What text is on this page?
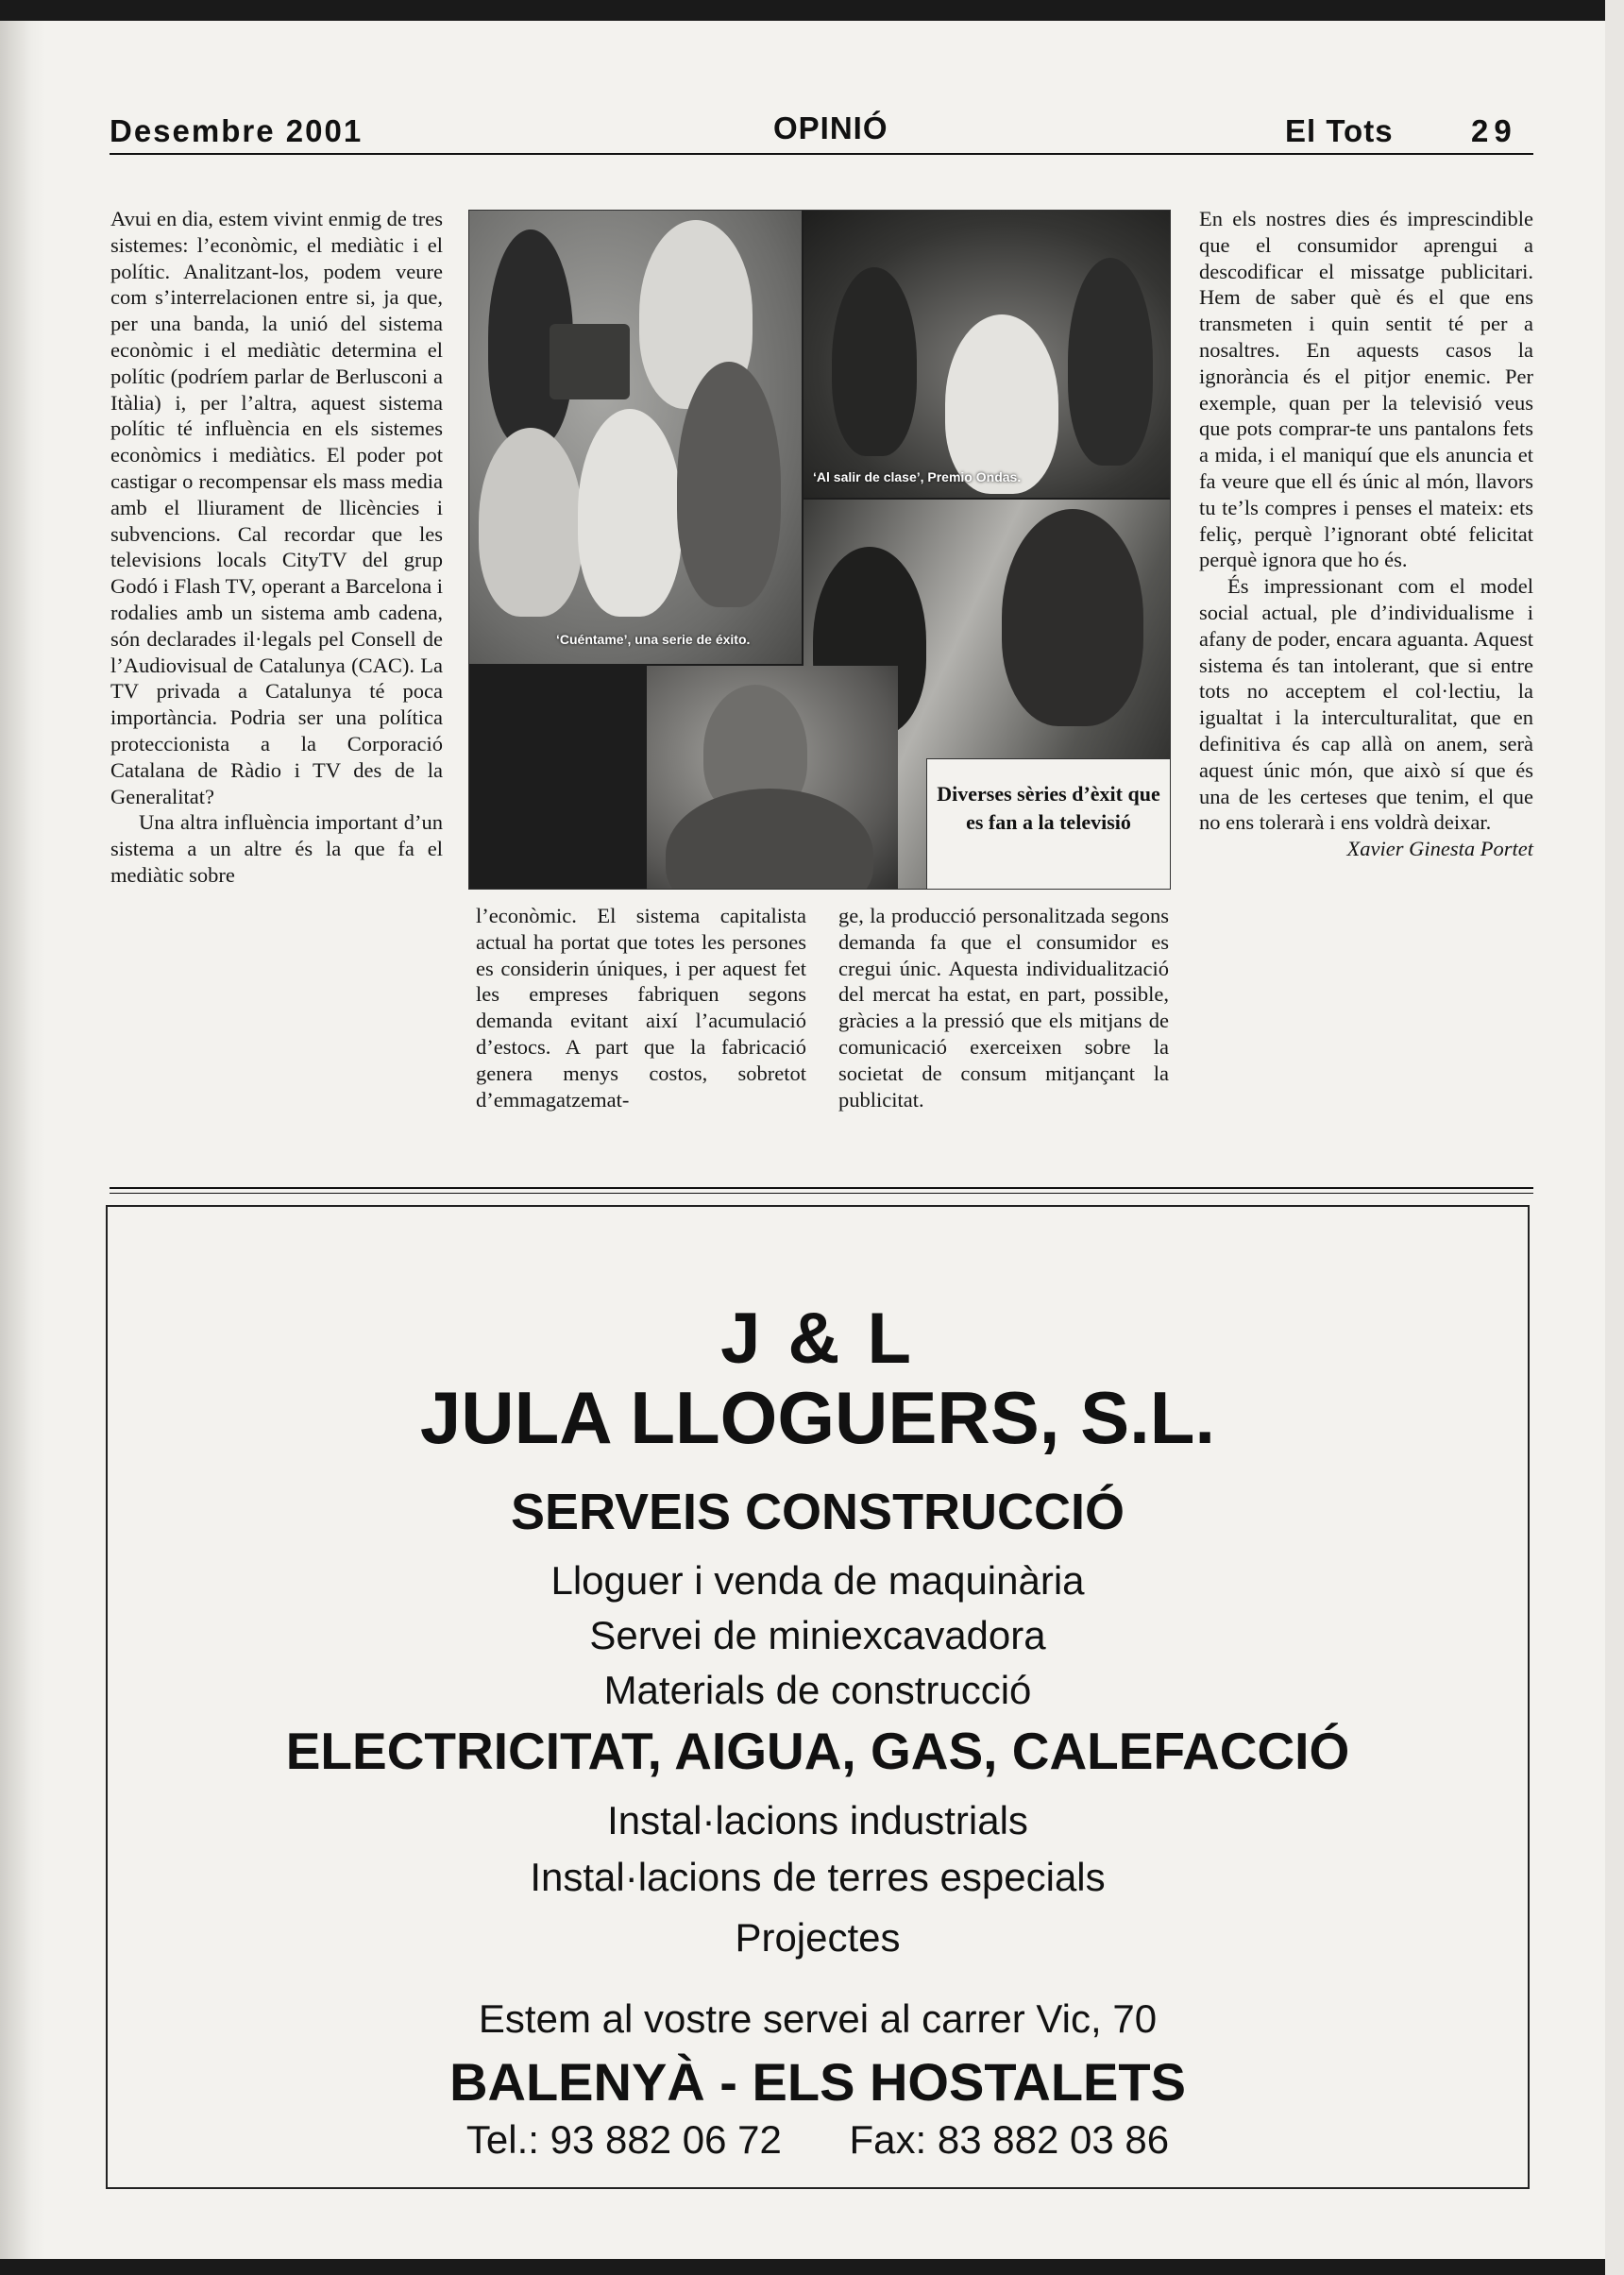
Desembre 2001	OPINIÓ	El Tots 29

Avui en dia, estem vivint enmig de tres sistemes: l’econòmic, el mediàtic i el polític. Analitzant-los, podem veure com s’interrelacionen entre si, ja que, per una banda, la unió del sistema econòmic i el mediàtic determina el polític (podríem parlar de Berlusconi a Itàlia) i, per l’altra, aquest sistema polític té influència en els sistemes econòmics i mediàtics. El poder pot castigar o recompensar els mass media amb el lliurament de llicències i subvencions. Cal recordar que les televisions locals CityTV del grup Godó i Flash TV, operant a Barcelona i rodalies amb un sistema amb cadena, són declarades il·legals pel Consell de l’Audiovisual de Catalunya (CAC). La TV privada a Catalunya té poca importància. Podria ser una política proteccionista a la Corporació Catalana de Ràdio i TV des de la Generalitat?

Una altra influència important d’un sistema a un altre és la que fa el mediàtic sobre

‘Cuéntame’, una serie de éxito.
‘Al salir de clase’, Premio Ondas.
Diverses sèries d’èxit que es fan a la televisió

l’econòmic. El sistema capitalista actual ha portat que totes les persones es considerin úniques, i per aquest fet les empreses fabriquen segons demanda evitant així l’acumulació d’estocs. A part que la fabricació genera menys costos, sobretot d’emmagatzemat-

ge, la producció personalitzada segons demanda fa que el consumidor es cregui únic. Aquesta individualització del mercat ha estat, en part, possible, gràcies a la pressió que els mitjans de comunicació exerceixen sobre la societat de consum mitjançant la publicitat.

En els nostres dies és imprescindible que el consumidor aprengui a descodificar el missatge publicitari. Hem de saber què és el que ens transmeten i quin sentit té per a nosaltres. En aquests casos la ignorància és el pitjor enemic. Per exemple, quan per la televisió veus que pots comprar-te uns pantalons fets a mida, i el maniquí que els anuncia et fa veure que ell és únic al món, llavors tu te’ls compres i penses el mateix: ets feliç, perquè l’ignorant obté felicitat perquè ignora que ho és.

És impressionant com el model social actual, ple d’individualisme i afany de poder, encara aguanta. Aquest sistema és tan intolerant, que si entre tots no acceptem el col·lectiu, la igualtat i la interculturalitat, que en definitiva és cap allà on anem, serà aquest únic món, que això sí que és una de les certeses que tenim, el que no ens tolerarà i ens voldrà deixar.

Xavier Ginesta Portet

J & L
JULA LLOGUERS, S.L.
SERVEIS CONSTRUCCIÓ
Lloguer i venda de maquinària
Servei de miniexcavadora
Materials de construcció
ELECTRICITAT, AIGUA, GAS, CALEFACCIÓ
Instal·lacions industrials
Instal·lacions de terres especials
Projectes
Estem al vostre servei al carrer Vic, 70
BALENYÀ - ELS HOSTALETS
Tel.: 93 882 06 72 Fax: 83 882 03 86
